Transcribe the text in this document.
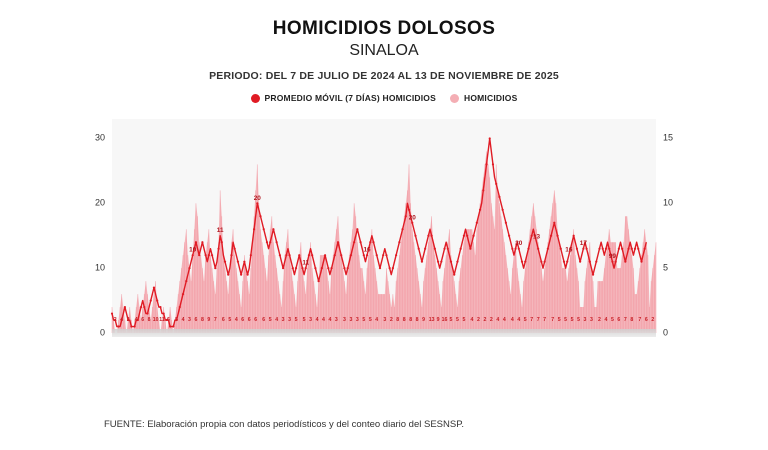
HOMICIDIOS DOLOSOS
SINALOA
PERIODO: DEL 7 DE JULIO DE 2024 AL 13 DE NOVIEMBRE DE 2025
PROMEDIO MÓVIL (7 DÍAS) HOMICIDIOS	HOMICIDIOS
0
10
20
30
0
5
10
15
10
11
20
20
16
30
13
16
17
11
99
2 4 2 4 6 8 10 11 6 5 4 3 6 8 9 7 6 5 4 6 6 6 6 5 4 3 3 5 5 3 4 4 4 3 3 3 3 5 5 4 3 2 8 8 8 8 9 13 9 16 5 5 5 4 2 2 2 4 4 4 4 5 7 7 7 7 5 5 5 5 3 3 2 4 5 6 7 8 7 6 2
FUENTE: Elaboración propia con datos periodísticos y del conteo diario del SESNSP.
